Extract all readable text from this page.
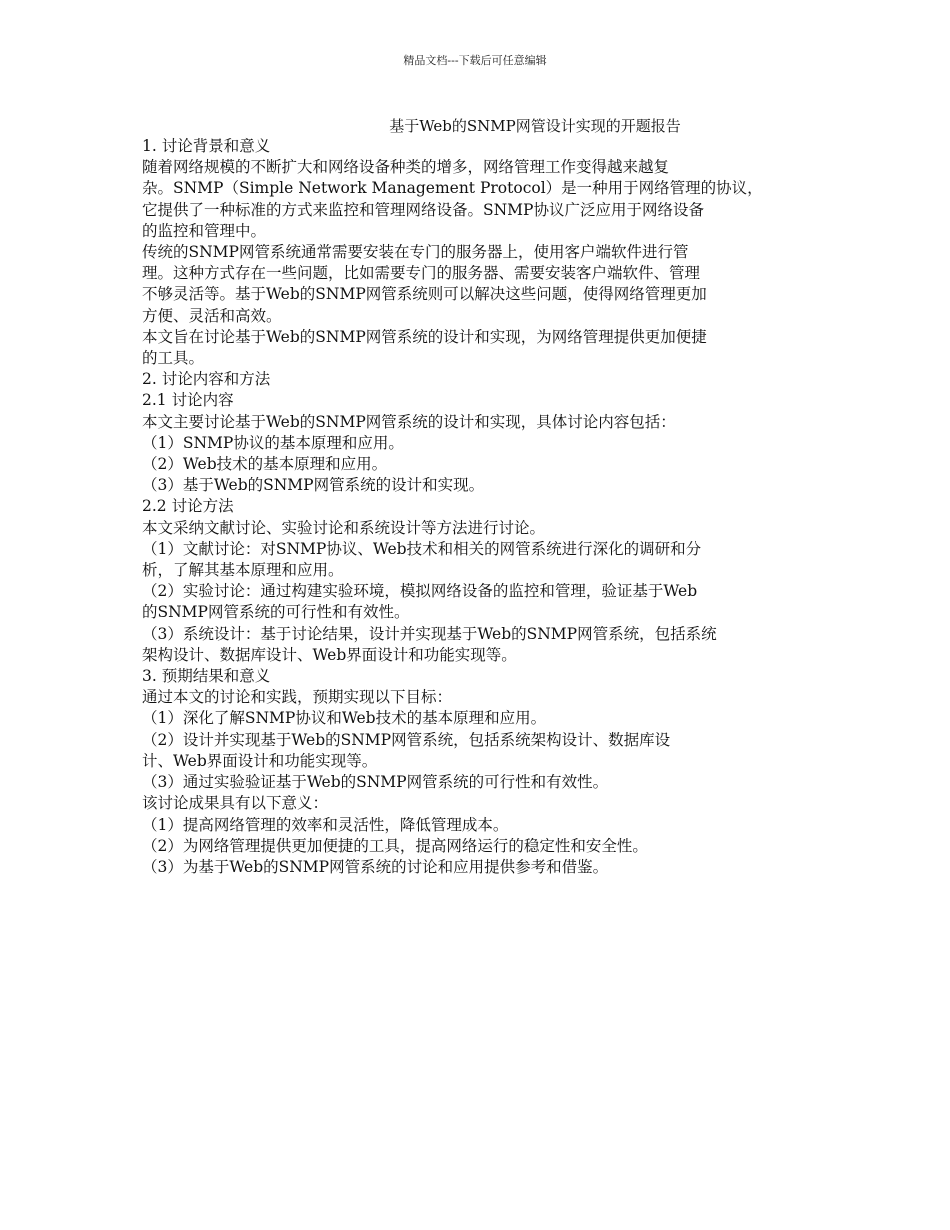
精品文档---下载后可任意编辑
基于Web的SNMP网管设计实现的开题报告

1. 讨论背景和意义

随着网络规模的不断扩大和网络设备种类的增多，网络管理工作变得越来越复

杂。SNMP（Simple Network Management Protocol）是一种用于网络管理的协议，

它提供了一种标准的方式来监控和管理网络设备。SNMP协议广泛应用于网络设备

的监控和管理中。

传统的SNMP网管系统通常需要安装在专门的服务器上，使用客户端软件进行管

理。这种方式存在一些问题，比如需要专门的服务器、需要安装客户端软件、管理

不够灵活等。基于Web的SNMP网管系统则可以解决这些问题，使得网络管理更加

方便、灵活和高效。

本文旨在讨论基于Web的SNMP网管系统的设计和实现，为网络管理提供更加便捷

的工具。

2. 讨论内容和方法

2.1 讨论内容

本文主要讨论基于Web的SNMP网管系统的设计和实现，具体讨论内容包括：

（1）SNMP协议的基本原理和应用。

（2）Web技术的基本原理和应用。

（3）基于Web的SNMP网管系统的设计和实现。

2.2 讨论方法

本文采纳文献讨论、实验讨论和系统设计等方法进行讨论。

（1）文献讨论：对SNMP协议、Web技术和相关的网管系统进行深化的调研和分

析，了解其基本原理和应用。

（2）实验讨论：通过构建实验环境，模拟网络设备的监控和管理，验证基于Web

的SNMP网管系统的可行性和有效性。

（3）系统设计：基于讨论结果，设计并实现基于Web的SNMP网管系统，包括系统

架构设计、数据库设计、Web界面设计和功能实现等。

3. 预期结果和意义

通过本文的讨论和实践，预期实现以下目标：

（1）深化了解SNMP协议和Web技术的基本原理和应用。

（2）设计并实现基于Web的SNMP网管系统，包括系统架构设计、数据库设

计、Web界面设计和功能实现等。

（3）通过实验验证基于Web的SNMP网管系统的可行性和有效性。

该讨论成果具有以下意义：

（1）提高网络管理的效率和灵活性，降低管理成本。

（2）为网络管理提供更加便捷的工具，提高网络运行的稳定性和安全性。

（3）为基于Web的SNMP网管系统的讨论和应用提供参考和借鉴。
